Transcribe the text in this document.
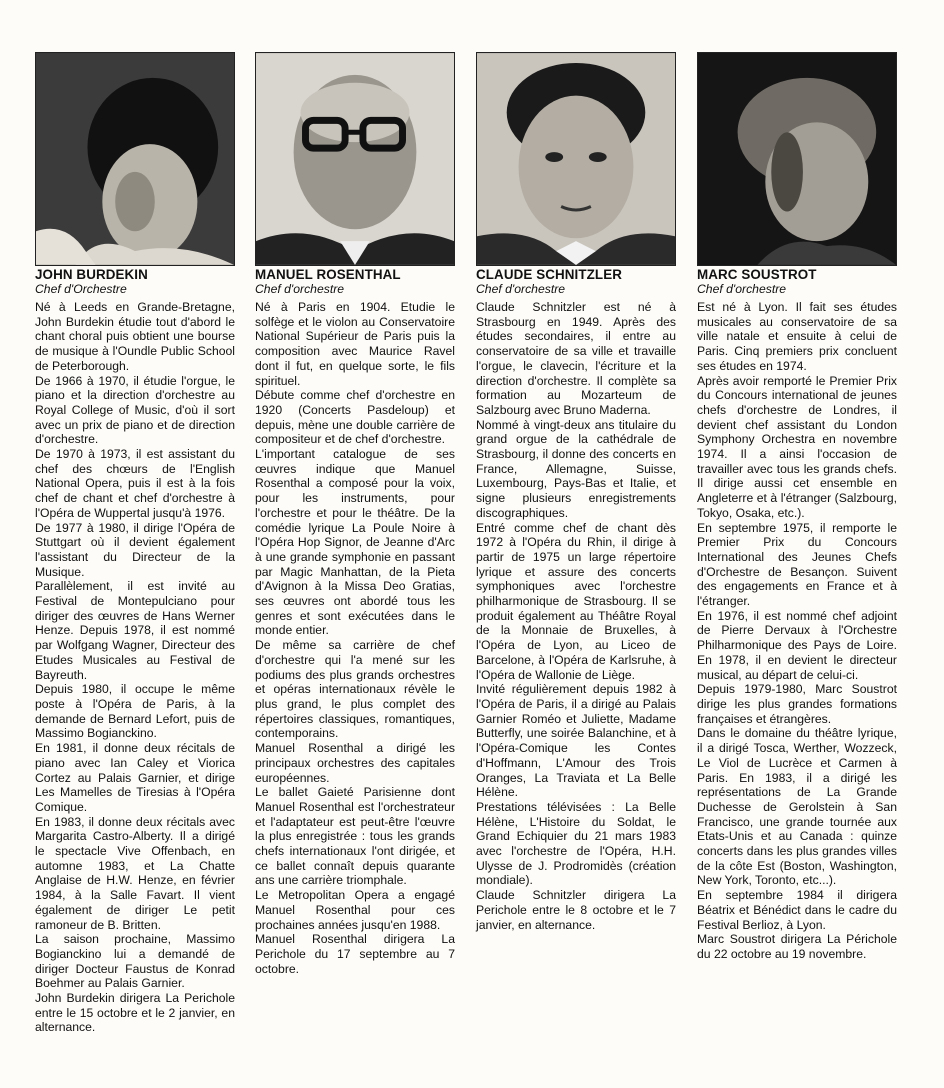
JOHN BURDEKIN
Chef d'Orchestre

Né à Leeds en Grande-Bretagne, John Burdekin étudie tout d'abord le chant choral puis obtient une bourse de musique à l'Oundle Public School de Peterborough.

De 1966 à 1970, il étudie l'orgue, le piano et la direction d'orchestre au Royal College of Music, d'où il sort avec un prix de piano et de direction d'orchestre.

De 1970 à 1973, il est assistant du chef des chœurs de l'English National Opera, puis il est à la fois chef de chant et chef d'orchestre à l'Opéra de Wuppertal jusqu'à 1976.

De 1977 à 1980, il dirige l'Opéra de Stuttgart où il devient également l'assistant du Directeur de la Musique.

Parallèlement, il est invité au Festival de Montepulciano pour diriger des œuvres de Hans Werner Henze. Depuis 1978, il est nommé par Wolfgang Wagner, Directeur des Etudes Musicales au Festival de Bayreuth.

Depuis 1980, il occupe le même poste à l'Opéra de Paris, à la demande de Bernard Lefort, puis de Massimo Bogianckino.

En 1981, il donne deux récitals de piano avec Ian Caley et Viorica Cortez au Palais Garnier, et dirige Les Mamelles de Tiresias à l'Opéra Comique.

En 1983, il donne deux récitals avec Margarita Castro-Alberty. Il a dirigé le spectacle Vive Offenbach, en automne 1983, et La Chatte Anglaise de H.W. Henze, en février 1984, à la Salle Favart. Il vient également de diriger Le petit ramoneur de B. Britten.

La saison prochaine, Massimo Bogianckino lui a demandé de diriger Docteur Faustus de Konrad Boehmer au Palais Garnier.

John Burdekin dirigera La Perichole entre le 15 octobre et le 2 janvier, en alternance.

MANUEL ROSENTHAL
Chef d'orchestre

Né à Paris en 1904. Etudie le solfège et le violon au Conservatoire National Supérieur de Paris puis la composition avec Maurice Ravel dont il fut, en quelque sorte, le fils spirituel.

Débute comme chef d'orchestre en 1920 (Concerts Pasdeloup) et depuis, mène une double carrière de compositeur et de chef d'orchestre.

L'important catalogue de ses œuvres indique que Manuel Rosenthal a composé pour la voix, pour les instruments, pour l'orchestre et pour le théâtre. De la comédie lyrique La Poule Noire à l'Opéra Hop Signor, de Jeanne d'Arc à une grande symphonie en passant par Magic Manhattan, de la Pieta d'Avignon à la Missa Deo Gratias, ses œuvres ont abordé tous les genres et sont exécutées dans le monde entier.

De même sa carrière de chef d'orchestre qui l'a mené sur les podiums des plus grands orchestres et opéras internationaux révèle le plus grand, le plus complet des répertoires classiques, romantiques, contemporains.

Manuel Rosenthal a dirigé les principaux orchestres des capitales européennes.

Le ballet Gaieté Parisienne dont Manuel Rosenthal est l'orchestrateur et l'adaptateur est peut-être l'œuvre la plus enregistrée : tous les grands chefs internationaux l'ont dirigée, et ce ballet connaît depuis quarante ans une carrière triomphale.

Le Metropolitan Opera a engagé Manuel Rosenthal pour ces prochaines années jusqu'en 1988.

Manuel Rosenthal dirigera La Perichole du 17 septembre au 7 octobre.

CLAUDE SCHNITZLER
Chef d'orchestre

Claude Schnitzler est né à Strasbourg en 1949. Après des études secondaires, il entre au conservatoire de sa ville et travaille l'orgue, le clavecin, l'écriture et la direction d'orchestre. Il complète sa formation au Mozarteum de Salzbourg avec Bruno Maderna.

Nommé à vingt-deux ans titulaire du grand orgue de la cathédrale de Strasbourg, il donne des concerts en France, Allemagne, Suisse, Luxembourg, Pays-Bas et Italie, et signe plusieurs enregistrements discographiques.

Entré comme chef de chant dès 1972 à l'Opéra du Rhin, il dirige à partir de 1975 un large répertoire lyrique et assure des concerts symphoniques avec l'orchestre philharmonique de Strasbourg. Il se produit également au Théâtre Royal de la Monnaie de Bruxelles, à l'Opéra de Lyon, au Liceo de Barcelone, à l'Opéra de Karlsruhe, à l'Opéra de Wallonie de Liège.

Invité régulièrement depuis 1982 à l'Opéra de Paris, il a dirigé au Palais Garnier Roméo et Juliette, Madame Butterfly, une soirée Balanchine, et à l'Opéra-Comique les Contes d'Hoffmann, L'Amour des Trois Oranges, La Traviata et La Belle Hélène.

Prestations télévisées : La Belle Hélène, L'Histoire du Soldat, le Grand Echiquier du 21 mars 1983 avec l'orchestre de l'Opéra, H.H. Ulysse de J. Prodromidès (création mondiale).

Claude Schnitzler dirigera La Perichole entre le 8 octobre et le 7 janvier, en alternance.

MARC SOUSTROT
Chef d'orchestre

Est né à Lyon. Il fait ses études musicales au conservatoire de sa ville natale et ensuite à celui de Paris. Cinq premiers prix concluent ses études en 1974.

Après avoir remporté le Premier Prix du Concours international de jeunes chefs d'orchestre de Londres, il devient chef assistant du London Symphony Orchestra en novembre 1974. Il a ainsi l'occasion de travailler avec tous les grands chefs. Il dirige aussi cet ensemble en Angleterre et à l'étranger (Salzbourg, Tokyo, Osaka, etc.).

En septembre 1975, il remporte le Premier Prix du Concours International des Jeunes Chefs d'Orchestre de Besançon. Suivent des engagements en France et à l'étranger.

En 1976, il est nommé chef adjoint de Pierre Dervaux à l'Orchestre Philharmonique des Pays de Loire. En 1978, il en devient le directeur musical, au départ de celui-ci.

Depuis 1979-1980, Marc Soustrot dirige les plus grandes formations françaises et étrangères.

Dans le domaine du théâtre lyrique, il a dirigé Tosca, Werther, Wozzeck, Le Viol de Lucrèce et Carmen à Paris. En 1983, il a dirigé les représentations de La Grande Duchesse de Gerolstein à San Francisco, une grande tournée aux Etats-Unis et au Canada : quinze concerts dans les plus grandes villes de la côte Est (Boston, Washington, New York, Toronto, etc...).

En septembre 1984 il dirigera Béatrix et Bénédict dans le cadre du Festival Berlioz, à Lyon.

Marc Soustrot dirigera La Périchole du 22 octobre au 19 novembre.
